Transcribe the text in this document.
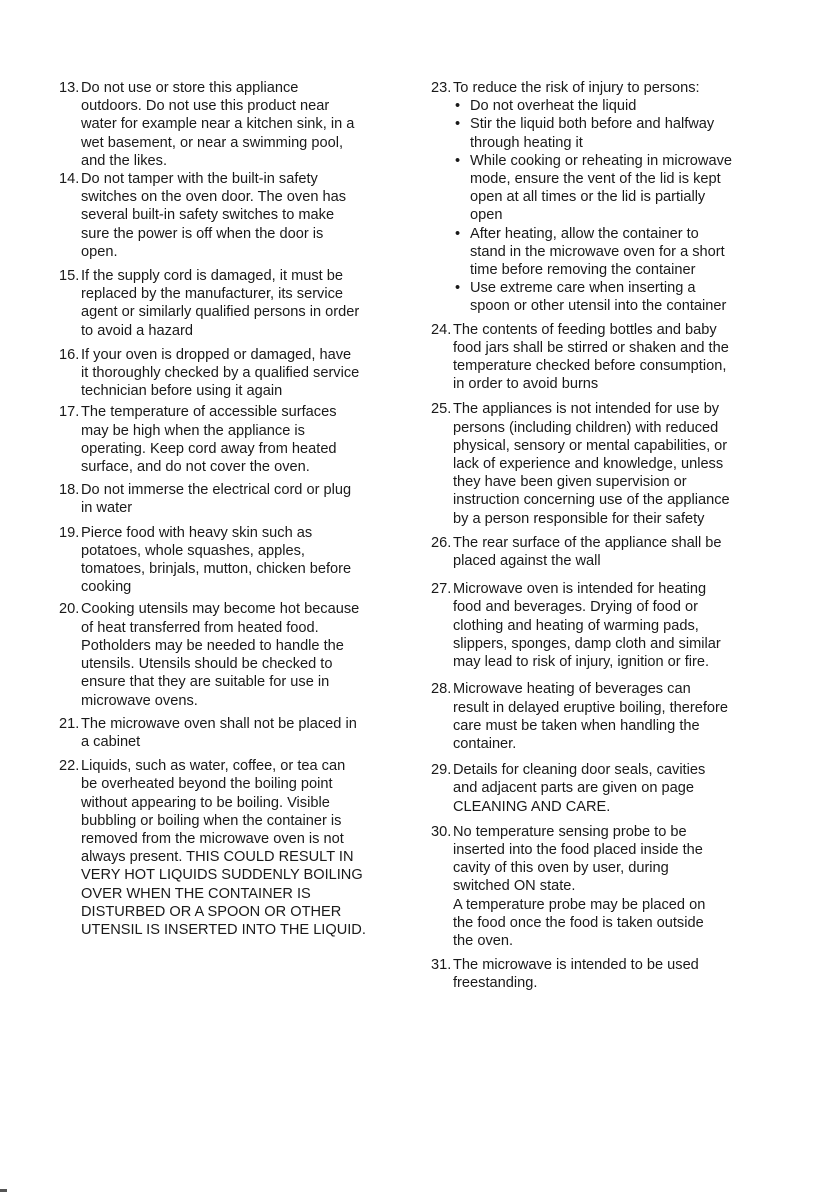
13. Do not use or store this appliance
outdoors. Do not use this product near
water for example near a kitchen sink, in a
wet basement, or near a swimming pool,
and the likes.
14. Do not tamper with the built-in safety
switches on the oven door. The oven has
several built-in safety switches to make
sure the power is off when the door is
open.
15. If the supply cord is damaged, it must be
replaced by the manufacturer, its service
agent or similarly qualified persons in order
to avoid a hazard
16. If your oven is dropped or damaged, have
it thoroughly checked by a qualified service
technician before using it again
17. The temperature of accessible surfaces
may be high when the appliance is
operating. Keep cord away from heated
surface, and do not cover the oven.
18. Do not immerse the electrical cord or plug
in water
19. Pierce food with heavy skin such as
potatoes, whole squashes, apples,
tomatoes, brinjals, mutton, chicken before
cooking
20. Cooking utensils may become hot because
of heat transferred from heated food.
Potholders may be needed to handle the
utensils. Utensils should be checked to
ensure that they are suitable for use in
microwave ovens.
21. The microwave oven shall not be placed in
a cabinet
22. Liquids, such as water, coffee, or tea can
be overheated beyond the boiling point
without appearing to be boiling. Visible
bubbling or boiling when the container is
removed from the microwave oven is not
always present. THIS COULD RESULT IN
VERY HOT LIQUIDS SUDDENLY BOILING
OVER WHEN THE CONTAINER IS
DISTURBED OR A SPOON OR OTHER
UTENSIL IS INSERTED INTO THE LIQUID.
23. To reduce the risk of injury to persons:
• Do not overheat the liquid
• Stir the liquid both before and halfway
through heating it
• While cooking or reheating in microwave
mode, ensure the vent of the lid is kept
open at all times or the lid is partially
open
• After heating, allow the container to
stand in the microwave oven for a short
time before removing the container
• Use extreme care when inserting a
spoon or other utensil into the container
24. The contents of feeding bottles and baby
food jars shall be stirred or shaken and the
temperature checked before consumption,
in order to avoid burns
25. The appliances is not intended for use by
persons (including children) with reduced
physical, sensory or mental capabilities, or
lack of experience and knowledge, unless
they have been given supervision or
instruction concerning use of the appliance
by a person responsible for their safety
26. The rear surface of the appliance shall be
placed against the wall
27. Microwave oven is intended for heating
food and beverages. Drying of food or
clothing and heating of warming pads,
slippers, sponges, damp cloth and similar
may lead to risk of injury, ignition or fire.
28. Microwave heating of beverages can
result in delayed eruptive boiling, therefore
care must be taken when handling the
container.
29. Details for cleaning door seals, cavities
and adjacent parts are given on page
CLEANING AND CARE.
30. No temperature sensing probe to be
inserted into the food placed inside the
cavity of this oven by user, during
switched ON state.
A temperature probe may be placed on
the food once the food is taken outside
the oven.
31. The microwave is intended to be used
freestanding.
